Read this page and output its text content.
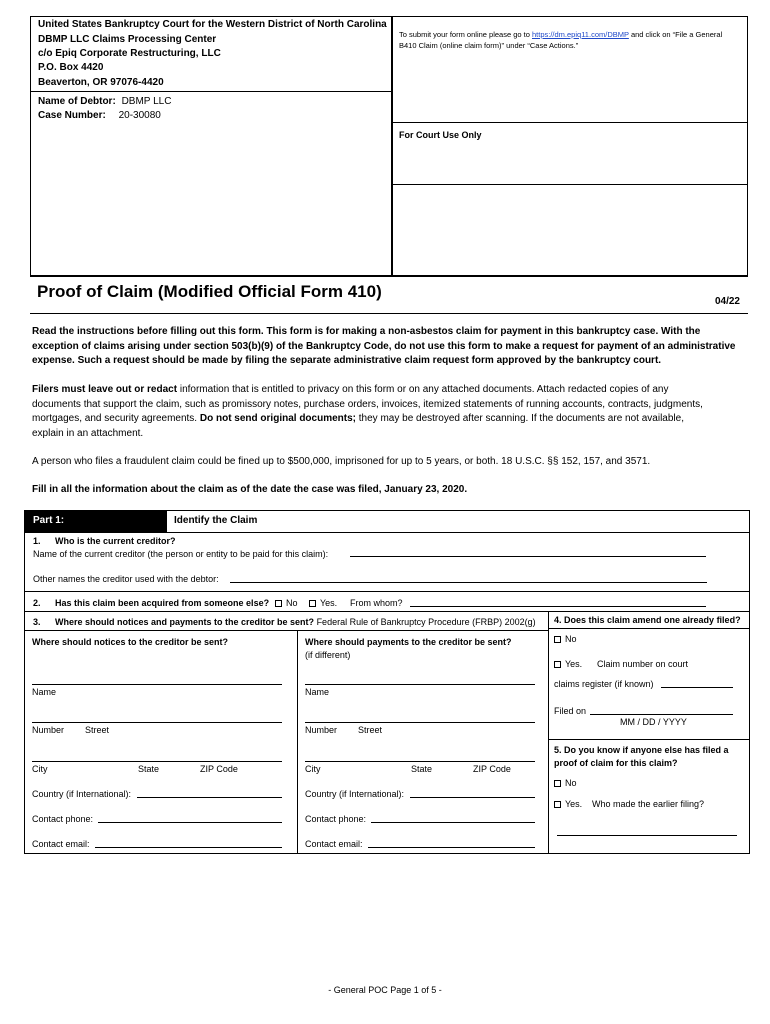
United States Bankruptcy Court for the Western District of North Carolina
DBMP LLC Claims Processing Center
c/o Epiq Corporate Restructuring, LLC
P.O. Box 4420
Beaverton, OR 97076-4420
Name of Debtor: DBMP LLC
Case Number: 20-30080
To submit your form online please go to https://dm.epiq11.com/DBMP and click on “File a General
B410 Claim (online claim form)” under “Case Actions.”
For Court Use Only
Proof of Claim (Modified Official Form 410)
04/22
Read the instructions before filling out this form. This form is for making a non-asbestos claim for payment in this bankruptcy case. With the
exception of claims arising under section 503(b)(9) of the Bankruptcy Code, do not use this form to make a request for payment of an administrative
expense. Such a request should be made by filing the separate administrative claim request form approved by the bankruptcy court.
Filers must leave out or redact information that is entitled to privacy on this form or on any attached documents. Attach redacted copies of any
documents that support the claim, such as promissory notes, purchase orders, invoices, itemized statements of running accounts, contracts, judgments,
mortgages, and security agreements. Do not send original documents; they may be destroyed after scanning. If the documents are not available,
explain in an attachment.
A person who files a fraudulent claim could be fined up to $500,000, imprisoned for up to 5 years, or both. 18 U.S.C. §§ 152, 157, and 3571.
Fill in all the information about the claim as of the date the case was filed, January 23, 2020.
Part 1:	Identify the Claim
1. Who is the current creditor?
Name of the current creditor (the person or entity to be paid for this claim):
Other names the creditor used with the debtor:
2. Has this claim been acquired from someone else?	No	Yes. From whom?
3. Where should notices and payments to the creditor be sent? Federal Rule of Bankruptcy Procedure (FRBP) 2002(g)
Where should notices to the creditor be sent?
Name
Number Street
City	State	ZIP Code
Country (if International):
Contact phone:
Contact email:
Where should payments to the creditor be sent?
(if different)
Name
Number Street
City	State	ZIP Code
Country (if International):
Contact phone:
Contact email:
4. Does this claim amend one already filed?
No
Yes. Claim number on court
claims register (if known)
Filed on
MM / DD / YYYY
5. Do you know if anyone else has filed a
proof of claim for this claim?
No
Yes. Who made the earlier filing?
- General POC Page 1 of 5 -
